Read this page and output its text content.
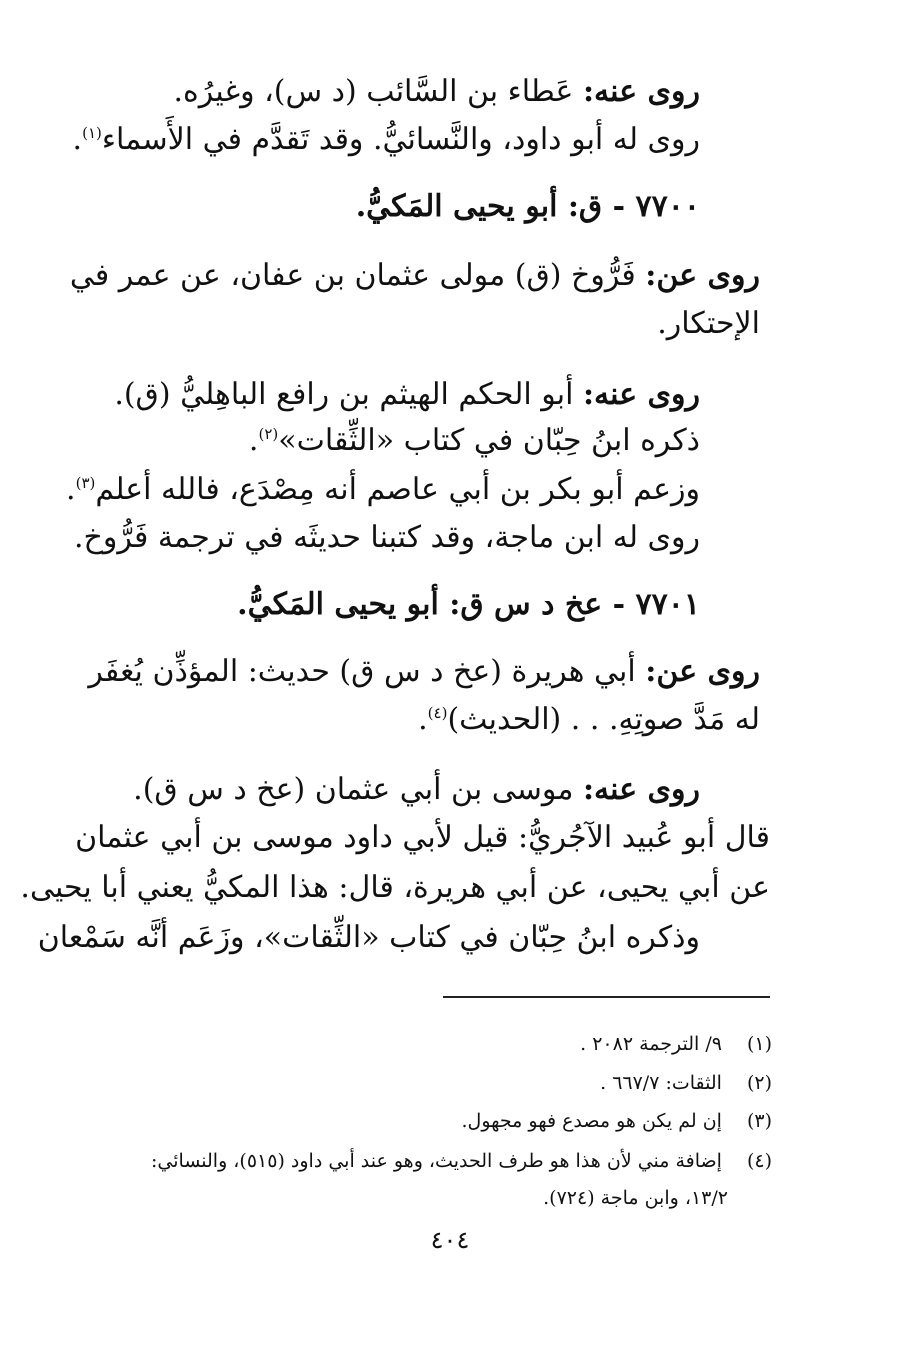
روى عنه: عَطاء بن السَّائب (د س)، وغيرُه.
روى له أبو داود، والنَّسائيُّ. وقد تَقدَّم في الأَسماء$^{(١)}$.
٧٧٠٠ - ق: أبو يحيى المَكيُّ.
روى عن: فَرُّوخ (ق) مولى عثمان بن عفان، عن عمر في
الإحتكار.
روى عنه: أبو الحكم الهيثم بن رافع الباهِليُّ (ق).
ذكره ابنُ حِبّان في كتاب «الثِّقات»$^{(٢)}$.
وزعم أبو بكر بن أبي عاصم أنه مِصْدَع، فالله أعلم$^{(٣)}$.
روى له ابن ماجة، وقد كتبنا حديثَه في ترجمة فَرُّوخ.
٧٧٠١ - عخ د س ق: أبو يحيى المَكيُّ.
روى عن: أبي هريرة (عخ د س ق) حديث: المؤذِّن يُغفَر
له مَدَّ صوتِهِ. . . (الحديث)$^{(٤)}$.
روى عنه: موسى بن أبي عثمان (عخ د س ق).
قال أبو عُبيد الآجُريُّ: قيل لأبي داود موسى بن أبي عثمان
عن أبي يحيى، عن أبي هريرة، قال: هذا المكيُّ يعني أبا يحيى.
وذكره ابنُ حِبّان في كتاب «الثِّقات»، وزَعَم أنَّه سَمْعان
(١) ٩/ الترجمة ٢٠٨٢ .
(٢) الثقات: ٦٦٧/٧ .
(٣) إن لم يكن هو مصدع فهو مجهول.
(٤) إضافة مني لأن هذا هو طرف الحديث، وهو عند أبي داود (٥١٥)، والنسائي:
١٣/٢، وابن ماجة (٧٢٤).
٤٠٤
